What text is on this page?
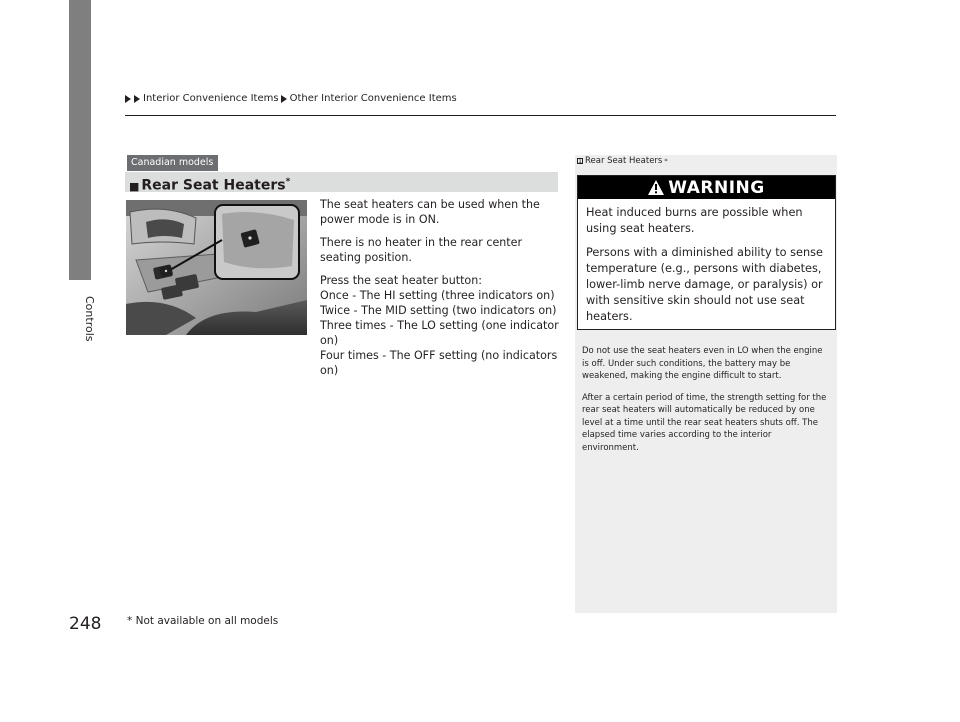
Controls
Interior Convenience Items Other Interior Convenience Items
Canadian models
■ Rear Seat Heaters*

The seat heaters can be used when the power mode is in ON.

There is no heater in the rear center seating position.

Press the seat heater button:

Once - The HI setting (three indicators on)

Twice - The MID setting (two indicators on)

Three times - The LO setting (one indicator on)

Four times - The OFF setting (no indicators on)

1 Rear Seat Heaters *
WARNING

Heat induced burns are possible when using seat heaters.

Persons with a diminished ability to sense temperature (e.g., persons with diabetes, lower-limb nerve damage, or paralysis) or with sensitive skin should not use seat heaters.

Do not use the seat heaters even in LO when the engine is off. Under such conditions, the battery may be weakened, making the engine difficult to start.

After a certain period of time, the strength setting for the rear seat heaters will automatically be reduced by one level at a time until the rear seat heaters shuts off. The elapsed time varies according to the interior environment.

248 * Not available on all models
